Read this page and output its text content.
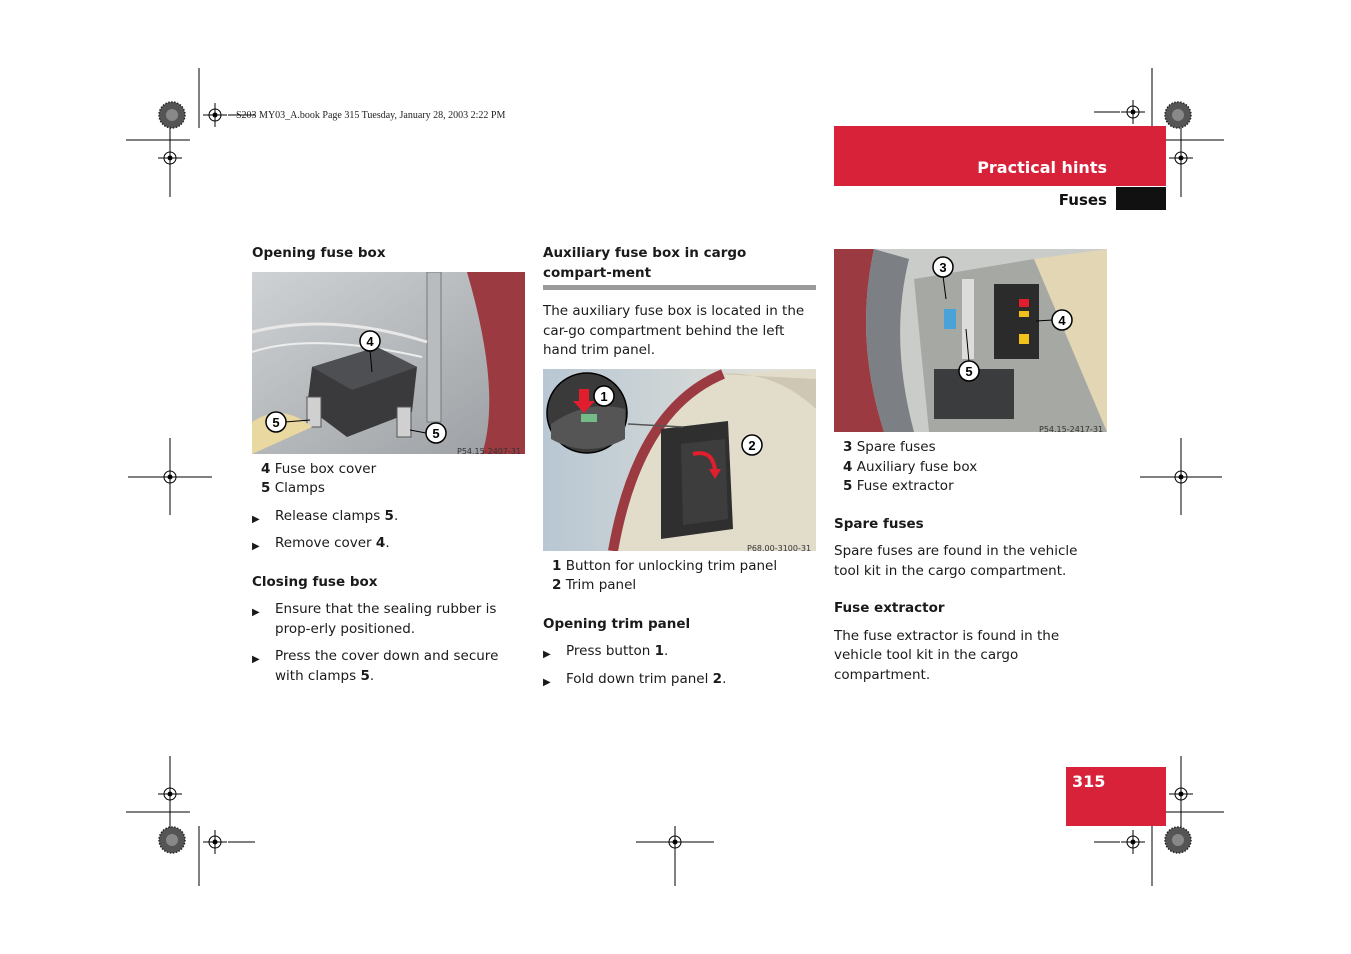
S203 MY03_A.book Page 315 Tuesday, January 28, 2003 2:22 PM
Practical hints
Fuses
315

Opening fuse box

4
5
5
P54.15-2407-31
4 Fuse box cover
5 Clamps

▶ Release clamps 5.

▶ Remove cover 4.

Closing fuse box

▶ Ensure that the sealing rubber is prop-erly positioned.

▶ Press the cover down and secure with clamps 5.

Auxiliary fuse box in cargo compart-ment

The auxiliary fuse box is located in the car-go compartment behind the left hand trim panel.

1
2
P68.00-3100-31
1 Button for unlocking trim panel
2 Trim panel

Opening trim panel

▶ Press button 1.

▶ Fold down trim panel 2.

3
4
5
P54.15-2417-31
3 Spare fuses
4 Auxiliary fuse box
5 Fuse extractor

Spare fuses

Spare fuses are found in the vehicle tool kit in the cargo compartment.

Fuse extractor

The fuse extractor is found in the vehicle tool kit in the cargo compartment.
